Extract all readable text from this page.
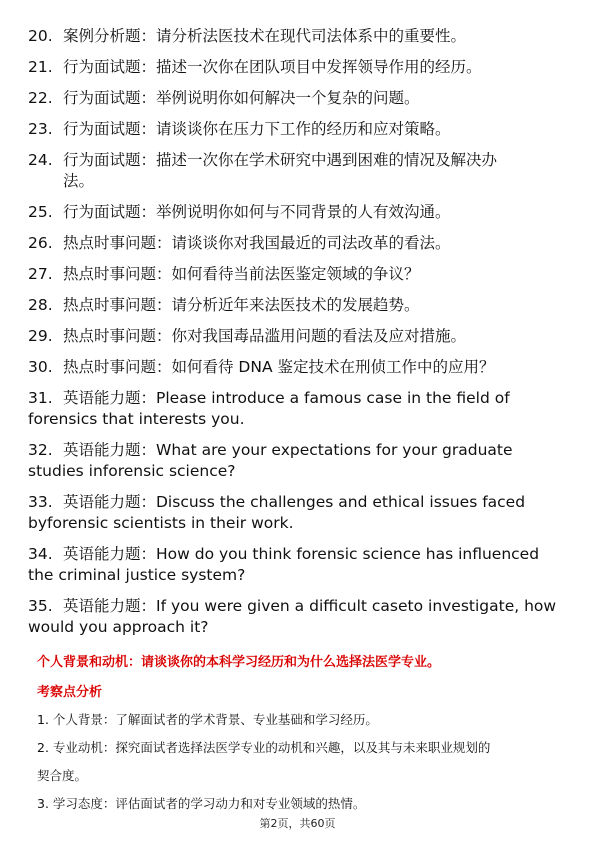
20. 案例分析题：请分析法医技术在现代司法体系中的重要性。
21. 行为面试题：描述一次你在团队项目中发挥领导作用的经历。
22. 行为面试题：举例说明你如何解决一个复杂的问题。
23. 行为面试题：请谈谈你在压力下工作的经历和应对策略。
24. 行为面试题：描述一次你在学术研究中遇到困难的情况及解决办
法。
25. 行为面试题：举例说明你如何与不同背景的人有效沟通。
26. 热点时事问题：请谈谈你对我国最近的司法改革的看法。
27. 热点时事问题：如何看待当前法医鉴定领域的争议？
28. 热点时事问题：请分析近年来法医技术的发展趋势。
29. 热点时事问题：你对我国毒品滥用问题的看法及应对措施。
30. 热点时事问题：如何看待 DNA 鉴定技术在刑侦工作中的应用？
31. 英语能力题：Please introduce a famous case in the field of
forensics that interests you.
32. 英语能力题：What are your expectations for your graduate
studies inforensic science?
33. 英语能力题：Discuss the challenges and ethical issues faced
byforensic scientists in their work.
34. 英语能力题：How do you think forensic science has influenced
the criminal justice system?
35. 英语能力题：If you were given a difficult caseto investigate, how
would you approach it?
个人背景和动机：请谈谈你的本科学习经历和为什么选择法医学专业。
考察点分析
1. 个人背景：了解面试者的学术背景、专业基础和学习经历。
2. 专业动机：探究面试者选择法医学专业的动机和兴趣，以及其与未来职业规划的
契合度。
3. 学习态度：评估面试者的学习动力和对专业领域的热情。
第2页，共60页
